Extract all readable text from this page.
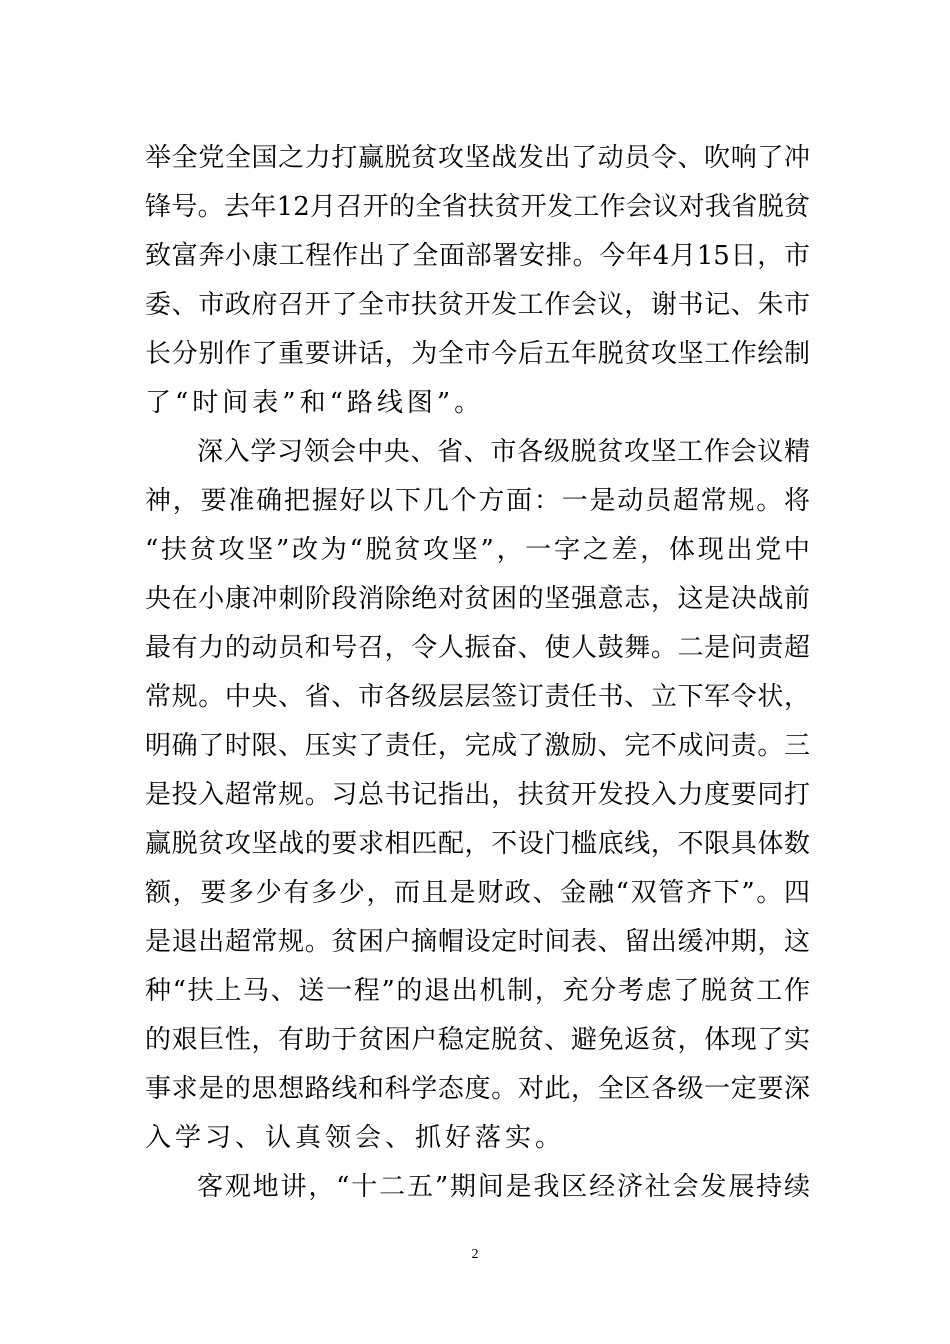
举全党全国之力打赢脱贫攻坚战发出了动员令、吹响了冲
锋号。去年12月召开的全省扶贫开发工作会议对我省脱贫
致富奔小康工程作出了全面部署安排。今年4月15日，市
委、市政府召开了全市扶贫开发工作会议，谢书记、朱市
长分别作了重要讲话，为全市今后五年脱贫攻坚工作绘制
了“时间表”和“路线图”。
深入学习领会中央、省、市各级脱贫攻坚工作会议精
神，要准确把握好以下几个方面：一是动员超常规。将
“扶贫攻坚”改为“脱贫攻坚”，一字之差，体现出党中
央在小康冲刺阶段消除绝对贫困的坚强意志，这是决战前
最有力的动员和号召，令人振奋、使人鼓舞。二是问责超
常规。中央、省、市各级层层签订责任书、立下军令状，
明确了时限、压实了责任，完成了激励、完不成问责。三
是投入超常规。习总书记指出，扶贫开发投入力度要同打
赢脱贫攻坚战的要求相匹配，不设门槛底线，不限具体数
额，要多少有多少，而且是财政、金融“双管齐下”。四
是退出超常规。贫困户摘帽设定时间表、留出缓冲期，这
种“扶上马、送一程”的退出机制，充分考虑了脱贫工作
的艰巨性，有助于贫困户稳定脱贫、避免返贫，体现了实
事求是的思想路线和科学态度。对此，全区各级一定要深
入学习、认真领会、抓好落实。
客观地讲，“十二五”期间是我区经济社会发展持续
2
